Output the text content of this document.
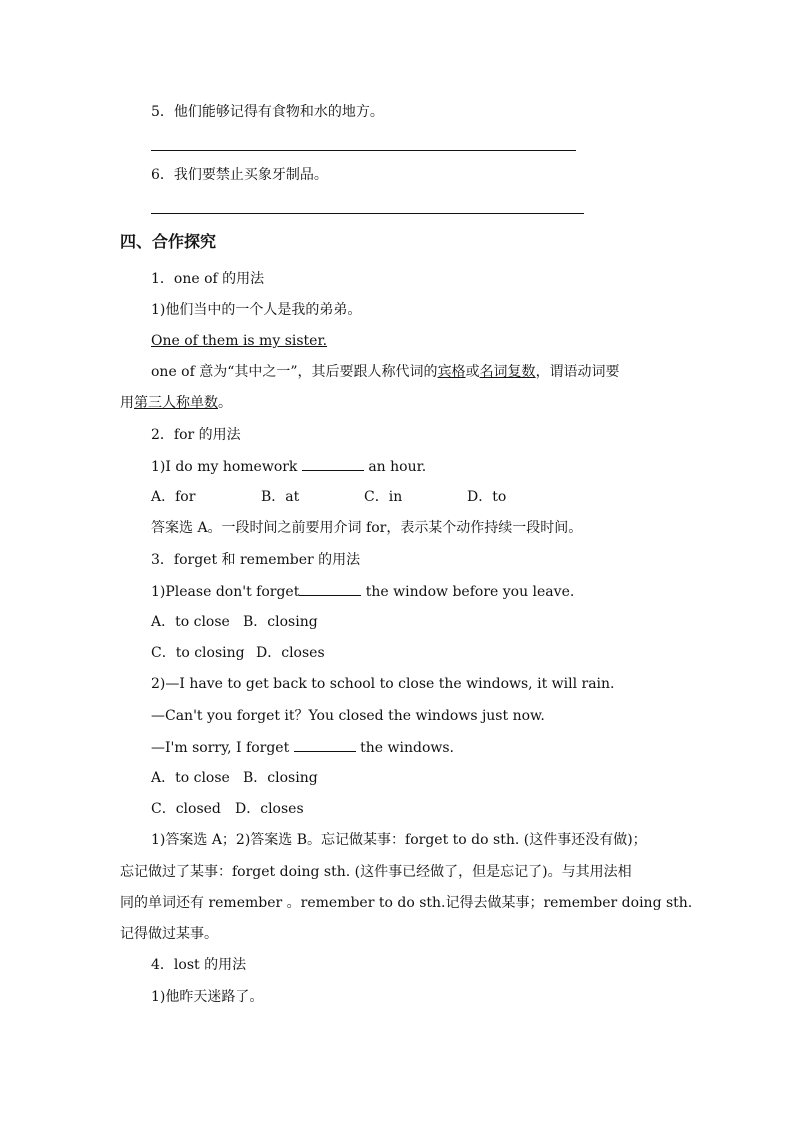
5．他们能够记得有食物和水的地方。
6．我们要禁止买象牙制品。
四、合作探究
1．one of 的用法
1)他们当中的一个人是我的弟弟。
One of them is my sister.
one of 意为“其中之一”，其后要跟人称代词的宾格或名词复数，谓语动词要
用第三人称单数。
2．for 的用法
1)I do my homework	an hour.
A．for	B．at	C．in	D．to
答案选 A。一段时间之前要用介词 for，表示某个动作持续一段时间。
3．forget 和 remember 的用法
1)Please don't forget	the window before you leave.
A．to close B．closing
C．to closing D．closes
2)—I have to get back to school to close the windows, it will rain.
—Can't you forget it？You closed the windows just now.
—I'm sorry, I forget	the windows.
A．to close B．closing
C．closed D．closes
1)答案选 A；2)答案选 B。忘记做某事：forget to do sth. (这件事还没有做)；
忘记做过了某事：forget doing sth. (这件事已经做了，但是忘记了)。与其用法相
同的单词还有 remember 。remember to do sth.记得去做某事；remember doing sth.
记得做过某事。
4．lost 的用法
1)他昨天迷路了。
